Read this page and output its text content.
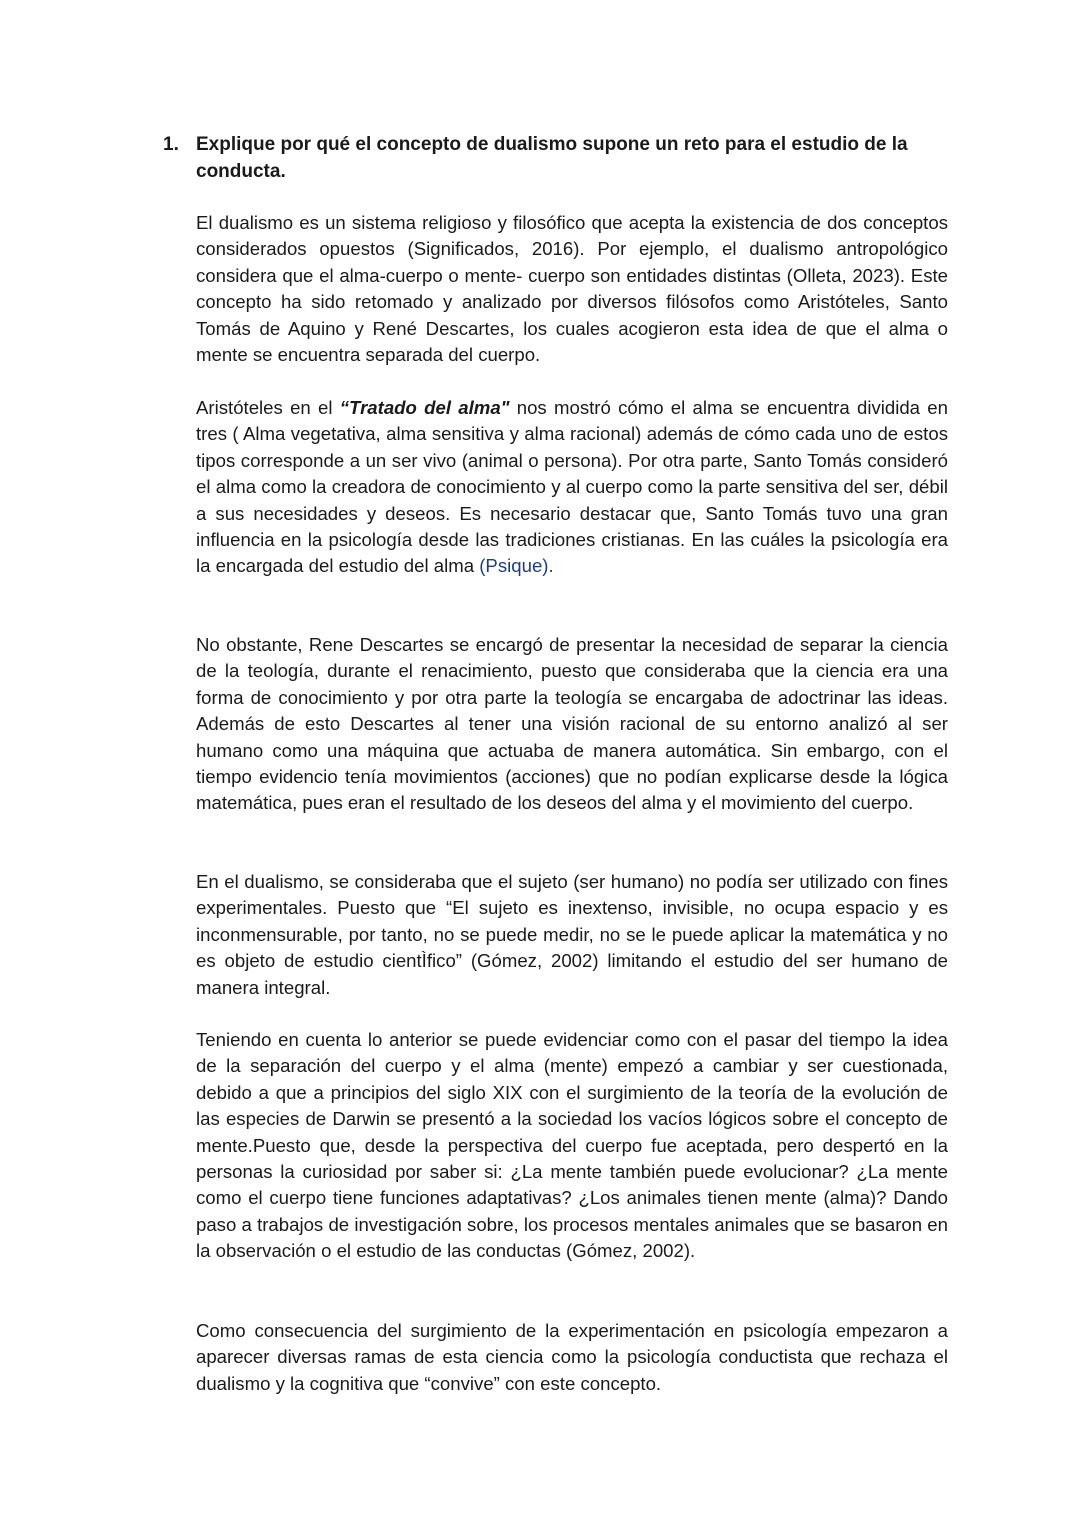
1. Explique por qué el concepto de dualismo supone un reto para el estudio de la conducta.

El dualismo es un sistema religioso y filosófico que acepta la existencia de dos conceptos considerados opuestos (Significados, 2016). Por ejemplo, el dualismo antropológico considera que el alma-cuerpo o mente- cuerpo son entidades distintas (Olleta, 2023). Este concepto ha sido retomado y analizado por diversos filósofos como Aristóteles, Santo Tomás de Aquino y René Descartes, los cuales acogieron esta idea de que el alma o mente se encuentra separada del cuerpo.

Aristóteles en el “Tratado del alma" nos mostró cómo el alma se encuentra dividida en tres ( Alma vegetativa, alma sensitiva y alma racional) además de cómo cada uno de estos tipos corresponde a un ser vivo (animal o persona). Por otra parte, Santo Tomás consideró el alma como la creadora de conocimiento y al cuerpo como la parte sensitiva del ser, débil a sus necesidades y deseos. Es necesario destacar que, Santo Tomás tuvo una gran influencia en la psicología desde las tradiciones cristianas. En las cuáles la psicología era la encargada del estudio del alma (Psique).

No obstante, Rene Descartes se encargó de presentar la necesidad de separar la ciencia de la teología, durante el renacimiento, puesto que consideraba que la ciencia era una forma de conocimiento y por otra parte la teología se encargaba de adoctrinar las ideas. Además de esto Descartes al tener una visión racional de su entorno analizó al ser humano como una máquina que actuaba de manera automática. Sin embargo, con el tiempo evidencio tenía movimientos (acciones) que no podían explicarse desde la lógica matemática, pues eran el resultado de los deseos del alma y el movimiento del cuerpo.

En el dualismo, se consideraba que el sujeto (ser humano) no podía ser utilizado con fines experimentales. Puesto que “El sujeto es inextenso, invisible, no ocupa espacio y es inconmensurable, por tanto, no se puede medir, no se le puede aplicar la matemática y no es objeto de estudio cientÌfico” (Gómez, 2002) limitando el estudio del ser humano de manera integral.

Teniendo en cuenta lo anterior se puede evidenciar como con el pasar del tiempo la idea de la separación del cuerpo y el alma (mente) empezó a cambiar y ser cuestionada, debido a que a principios del siglo XIX con el surgimiento de la teoría de la evolución de las especies de Darwin se presentó a la sociedad los vacíos lógicos sobre el concepto de mente.Puesto que, desde la perspectiva del cuerpo fue aceptada, pero despertó en la personas la curiosidad por saber si: ¿La mente también puede evolucionar? ¿La mente como el cuerpo tiene funciones adaptativas? ¿Los animales tienen mente (alma)? Dando paso a trabajos de investigación sobre, los procesos mentales animales que se basaron en la observación o el estudio de las conductas (Gómez, 2002).

Como consecuencia del surgimiento de la experimentación en psicología empezaron a aparecer diversas ramas de esta ciencia como la psicología conductista que rechaza el dualismo y la cognitiva que “convive” con este concepto.
